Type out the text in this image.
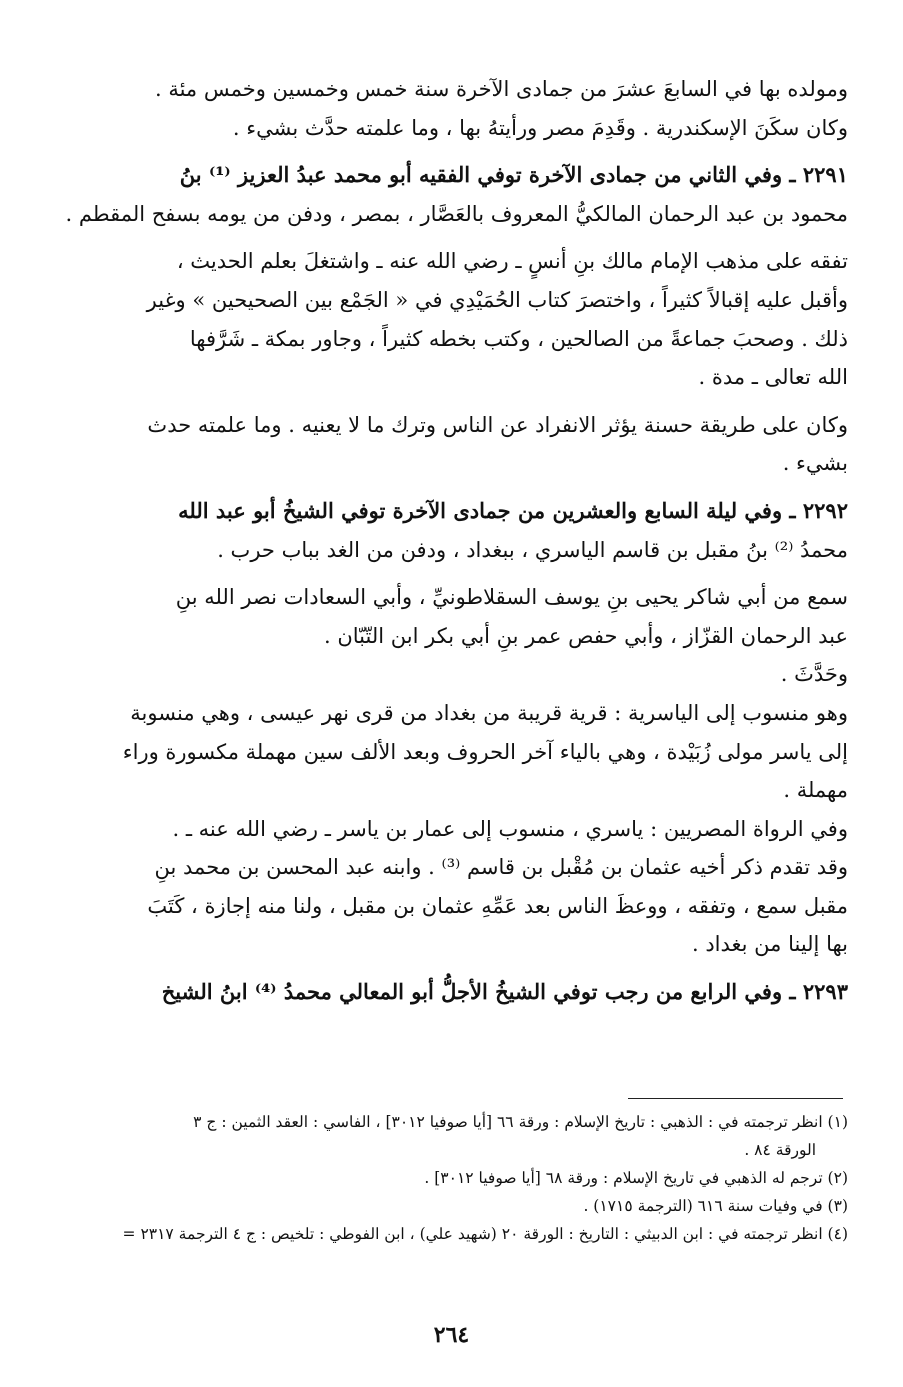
ومولده بها في السابعَ عشرَ من جمادى الآخرة سنة خمس وخمسين وخمس مئة .

وكان سكَنَ الإسكندرية . وقَدِمَ مصر ورأيتهُ بها ، وما علمته حدَّث بشيء .

٢٢٩١ ـ وفي الثاني من جمادى الآخرة توفي الفقيه أبو محمد عبدُ العزيز ⁽¹⁾ بنُ

محمود بن عبد الرحمان المالكيُّ المعروف بالعَصَّار ، بمصر ، ودفن من يومه بسفح المقطم .

تفقه على مذهب الإمام مالك بنِ أنسٍ ـ رضي الله عنه ـ واشتغلَ بعلم الحديث ،

وأقبل عليه إقبالاً كثيراً ، واختصرَ كتاب الحُمَيْدِي في « الجَمْع بين الصحيحين » وغير

ذلك . وصحبَ جماعةً من الصالحين ، وكتب بخطه كثيراً ، وجاور بمكة ـ شَرَّفها

الله تعالى ـ مدة .

وكان على طريقة حسنة يؤثر الانفراد عن الناس وترك ما لا يعنيه . وما علمته حدث

بشيء .

٢٢٩٢ ـ وفي ليلة السابع والعشرين من جمادى الآخرة توفي الشيخُ أبو عبد الله

محمدُ ⁽²⁾ بنُ مقبل بن قاسم الياسري ، ببغداد ، ودفن من الغد بباب حرب .

سمع من أبي شاكر يحيى بنِ يوسف السقلاطونيِّ ، وأبي السعادات نصر الله بنِ

عبد الرحمان القزّاز ، وأبي حفص عمر بنِ أبي بكر ابن التّبّان .

وحَدَّثَ .

وهو منسوب إلى الياسرية : قرية قريبة من بغداد من قرى نهر عيسى ، وهي منسوبة

إلى ياسر مولى زُبَيْدة ، وهي بالياء آخر الحروف وبعد الألف سين مهملة مكسورة وراء

مهملة .

وفي الرواة المصريين : ياسري ، منسوب إلى عمار بن ياسر ـ رضي الله عنه ـ .

وقد تقدم ذكر أخيه عثمان بن مُقْبل بن قاسم ⁽³⁾ . وابنه عبد المحسن بن محمد بنِ

مقبل سمع ، وتفقه ، ووعظَ الناس بعد عَمِّهِ عثمان بن مقبل ، ولنا منه إجازة ، كَتَبَ

بها إلينا من بغداد .

٢٢٩٣ ـ وفي الرابع من رجب توفي الشيخُ الأجلُّ أبو المعالي محمدُ ⁽⁴⁾ ابنُ الشيخ

(١) انظر ترجمته في : الذهبي : تاريخ الإسلام : ورقة ٦٦ [أيا صوفيا ٣٠١٢] ، الفاسي : العقد الثمين : ج ٣

الورقة ٨٤ .

(٢) ترجم له الذهبي في تاريخ الإسلام : ورقة ٦٨ [أيا صوفيا ٣٠١٢] .

(٣) في وفيات سنة ٦١٦ (الترجمة ١٧١٥) .

(٤) انظر ترجمته في : ابن الدبيثي : التاريخ : الورقة ٢٠ (شهيد علي) ، ابن الفوطي : تلخيص : ج ٤ الترجمة ٢٣١٧ =

٢٦٤
